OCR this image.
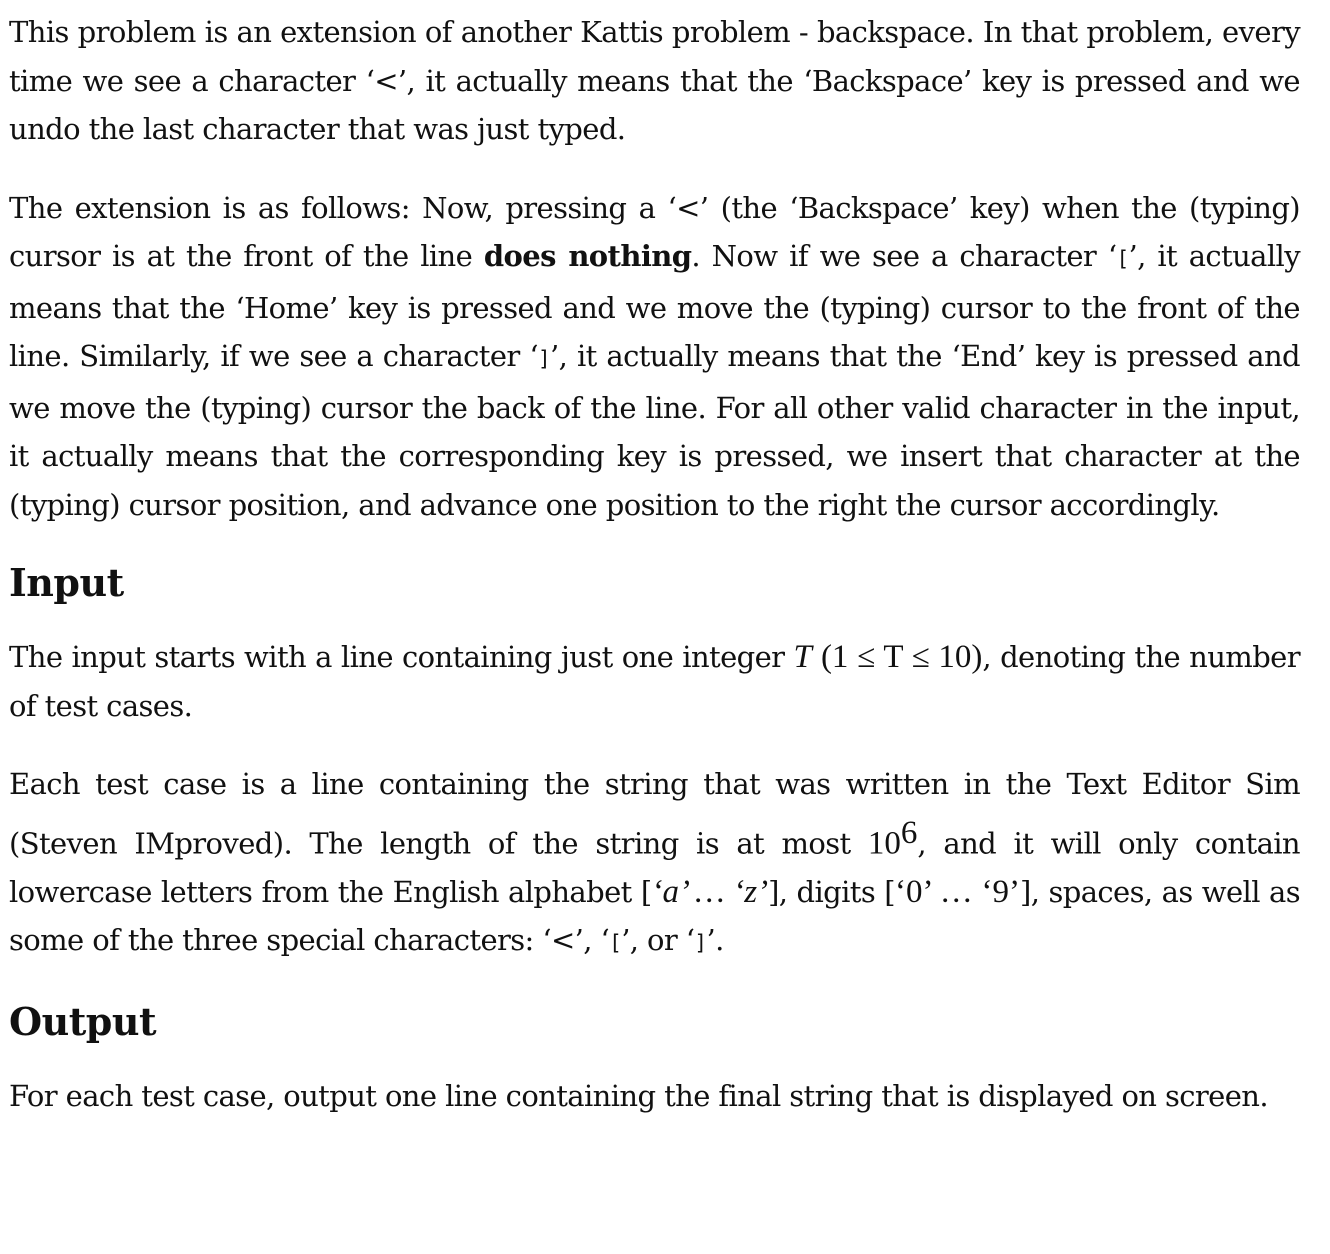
This problem is an extension of another Kattis problem - backspace. In that problem, every time we see a character ‘<’, it actually means that the ‘Backspace’ key is pressed and we undo the last character that was just typed.

The extension is as follows: Now, pressing a ‘<’ (the ‘Backspace’ key) when the (typing) cursor is at the front of the line does nothing. Now if we see a character ‘[’, it actually means that the ‘Home’ key is pressed and we move the (typing) cursor to the front of the line. Similarly, if we see a character ‘]’, it actually means that the ‘End’ key is pressed and we move the (typing) cursor the back of the line. For all other valid character in the input, it actually means that the corresponding key is pressed, we insert that character at the (typing) cursor position, and advance one position to the right the cursor accordingly.

Input

The input starts with a line containing just one integer T (1 ≤ T ≤ 10), denoting the number of test cases.

Each test case is a line containing the string that was written in the Text Editor Sim (Steven IMproved). The length of the string is at most $10^6$, and it will only contain lowercase letters from the English alphabet [‘a’ … ‘z’], digits [‘0’ … ‘9’], spaces, as well as some of the three special characters: ‘<’, ‘[’, or ‘]’.

Output

For each test case, output one line containing the final string that is displayed on screen.
